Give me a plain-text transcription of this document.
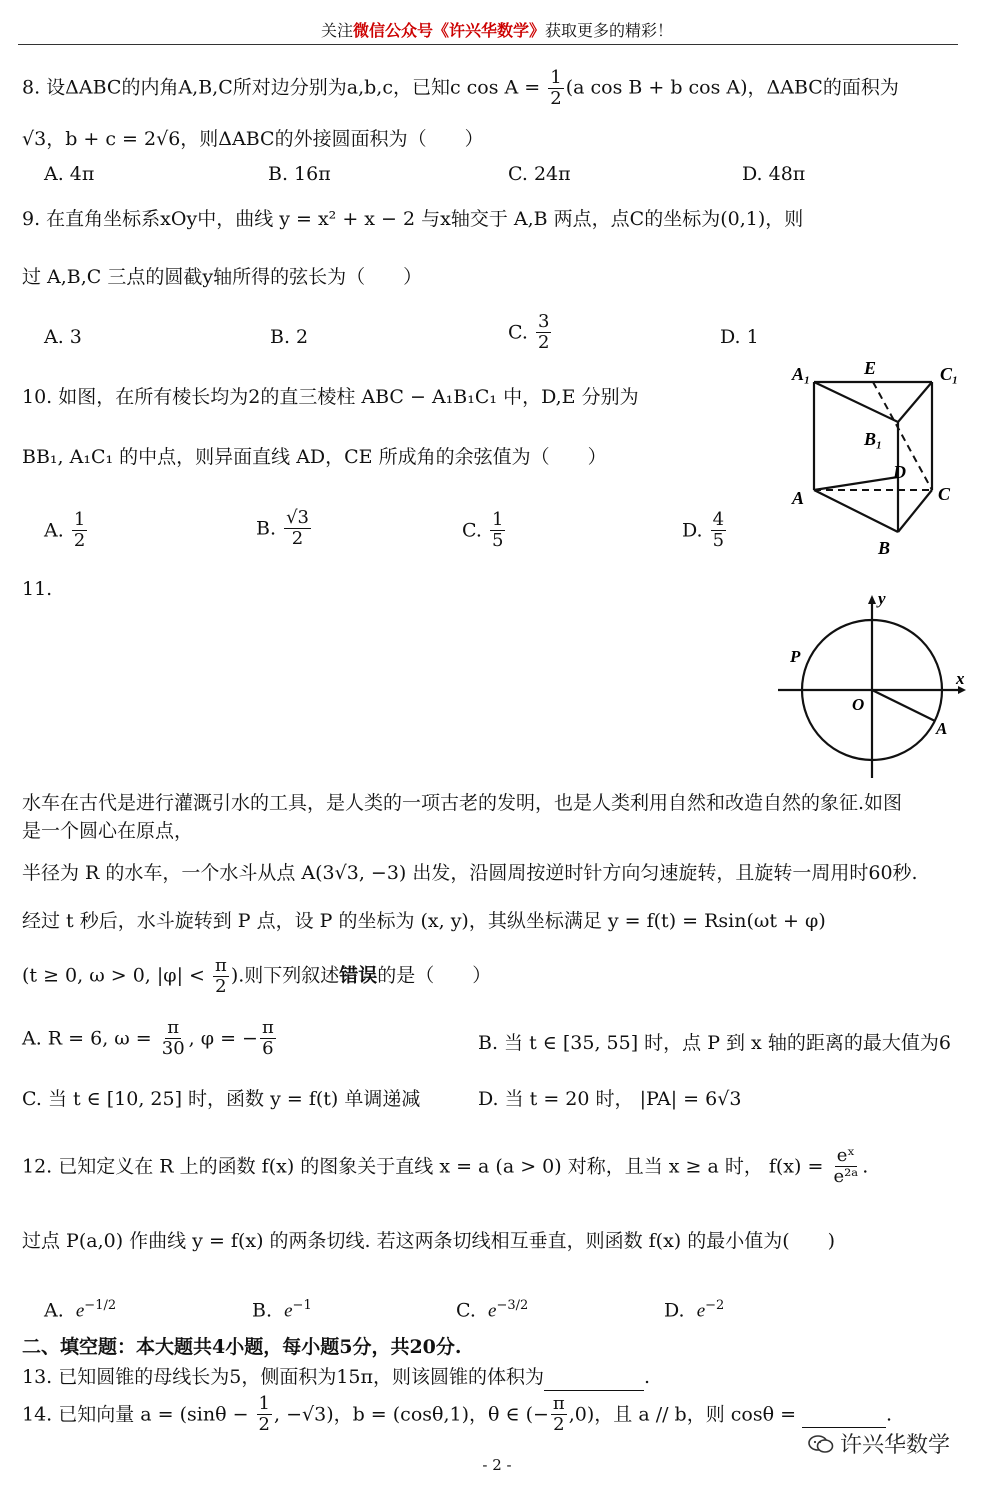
关注微信公众号《许兴华数学》获取更多的精彩！
8. 设ΔABC的内角A,B,C所对边分别为a,b,c，已知c $\cos A = \frac{1}{2} (a$ cos B + b cos A)，ΔABC的面积为
√3，b + c = 2√6，则ΔABC的外接圆面积为（　　）
A. 4π	B. 16π	C. 24π	D. 48π
9. 在直角坐标系xOy中，曲线 y = x² + x − 2 与x轴交于 A,B 两点，点C的坐标为(0,1)，则
过 A,B,C 三点的圆截y轴所得的弦长为（　　）
A. 3	B. 2	C. $\frac{3}{2}$	D. 1
10. 如图，在所有棱长均为2的直三棱柱 ABC − A₁B₁C₁ 中，D,E 分别为
BB₁, A₁C₁ 的中点，则异面直线 AD，CE 所成角的余弦值为（　　）
A. $\frac{1}{2}$	B. $\frac{√3}{2}$	C. $\frac{1}{5}$	D. $\frac{4}{5}$
A₁	E	C₁
B₁
D
A	C
B
11.	y
x
P
O
A
水车在古代是进行灌溉引水的工具，是人类的一项古老的发明，也是人类利用自然和改造自然的象征.如图
是一个圆心在原点，
半径为 R 的水车，一个水斗从点 A(3√3, −3) 出发，沿圆周按逆时针方向匀速旋转，且旋转一周用时60秒.
经过 t 秒后，水斗旋转到 P 点，设 P 的坐标为 (x, y)，其纵坐标满足 y = f(t) = Rsin(ωt + φ)
(t ≥ 0, ω > 0, $|\varphi| < \frac{\pi}{2}$ ).则下列叙述错误的是（　　）
A. R = 6, $\omega = \frac{\pi}{30}$ , φ = − $\frac{\pi}{6}$	B. 当 t ∈ [35, 55] 时，点 P 到 x 轴的距离的最大值为6
C. 当 t ∈ [10, 25] 时，函数 y = f(t) 单调递减	D. 当 t = 20 时， |PA| = 6√3
12. 已知定义在 R 上的函数 f(x) 的图象关于直线 x = a (a > 0) 对称，且当 x ≥ a 时， $f(x) = \frac{\text{eˣ}}{\text{e²ᵃ}}$ .
过点 P(a,0) 作曲线 y = f(x) 的两条切线. 若这两条切线相互垂直，则函数 f(x) 的最小值为(　　)
A. $e^{-1/2}$	B. $e^{-1}$	C. $e^{-3/2}$	D. $e^{-2}$
二、填空题：本大题共4小题，每小题5分，共20分.
13. 已知圆锥的母线长为5，侧面积为15π，则该圆锥的体积为	.
14. 已知向量 $a = (\sin\theta - \frac{1}{2}$ , −√3)，b = (cosθ,1)，θ ∈ (− $\frac{\pi}{2} ,0$)，且 a // b，则 cosθ =	.
许兴华数学
- 2 -
